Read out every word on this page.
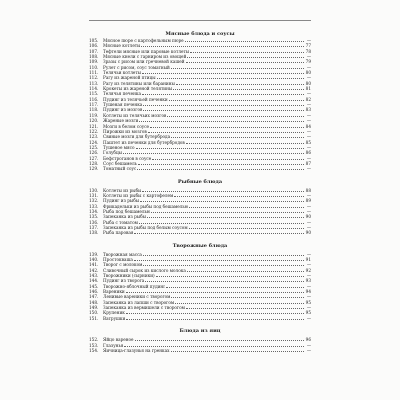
Мясные блюда и соусы
105.	Мясное пюре с картофельным пюре	—
106.	Мясные котлеты	77
107.	Тефтели мясные или паровые котлеты	78
108.	Мясные кнели с гарниром из овощей	—
109.	Зразы с рисом или гречневой кашей	79
110.	Рулет с рисом, соус томатный	—
111.	Телячьи котлеты	80
112.	Рагу из жареной птицы	—
113.	Рагу из телятины или баранины	80
114.	Крокеты из жареной телятины	81
115.	Телячья печенка	—
116.	Пудинг из телячьей печенки	82
117.	Тушеная печенка	—
118.	Пудинг из мозгов	83
119.	Котлеты из телячьих мозгов	—
120.	Жареные мозги	—
121.	Мозги в белом соусе	84
122.	Пирожки из мозгов	—
123.	Свиные мозги для бутерброда	—
124.	Паштет из печенки для бутербродов	85
125.	Тушеное мясо	—
126.	Голубцы	86
127.	Бефстроганов в соусе	—
128.	Соус бешамель	87
129.	Томатный соус	—
Рыбные блюда
130.	Котлеты из рыбы	88
131.	Котлеты из рыбы с картофелем	—
132.	Пудинг из рыбы	89
133.	Фрикадельки из рыбы под бешамелью	—
134.	Рыба под бешамелью	—
135.	Запеканка из рыбы	90
136.	Рыба с томатом	—
137.	Запеканка из рыбы под белым соусом	—
138.	Рыба паровая	90
Творожные блюда
139.	Творожная масса	—
140.	Простокваша	91
141.	Творог с молоком	—
142.	Сливочный сырок из кислого молока	92
143.	Творожники (сырники)	—
144.	Пудинг из творога	93
145.	Творожно-яблочный пудинг	—
146.	Вареники	94
147.	Ленивые вареники с творогом	—
148.	Запеканка из лапши с творогом	95
149.	Запеканка из вермишели с творогом	—
150.	Крупеник	95
151.	Ватрушки	—
Блюда из яиц
152.	Яйцо вареное	96
153.	Глазунья	—
154.	Яичница-глазунья на гренках	—
